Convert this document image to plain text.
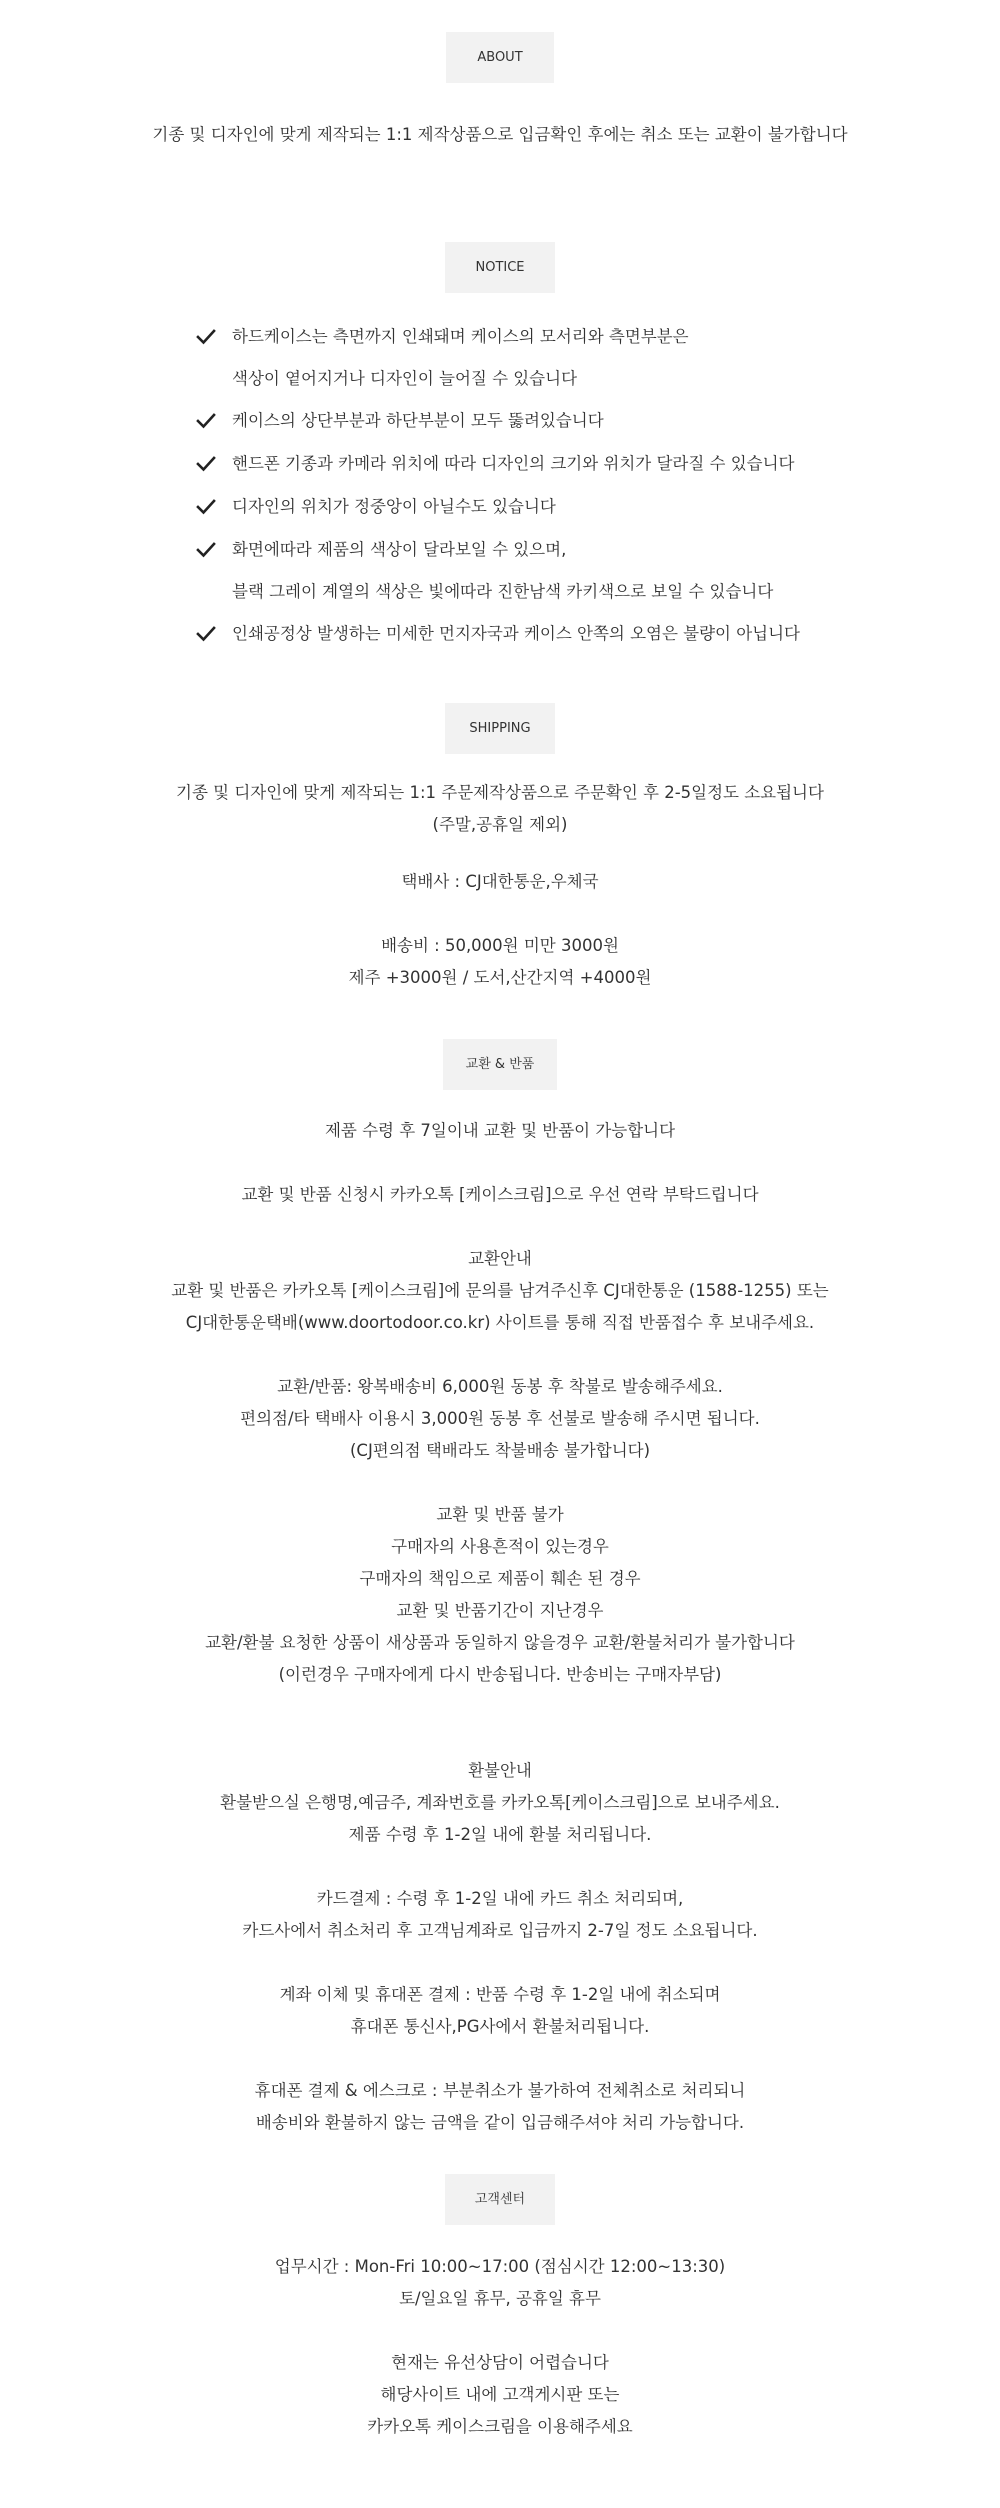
ABOUT
기종 및 디자인에 맞게 제작되는 1:1 제작상품으로 입금확인 후에는 취소 또는 교환이 불가합니다
NOTICE
하드케이스는 측면까지 인쇄돼며 케이스의 모서리와 측면부분은
색상이 옅어지거나 디자인이 늘어질 수 있습니다
케이스의 상단부분과 하단부분이 모두 뚫려있습니다
핸드폰 기종과 카메라 위치에 따라 디자인의 크기와 위치가 달라질 수 있습니다
디자인의 위치가 정중앙이 아닐수도 있습니다
화면에따라 제품의 색상이 달라보일 수 있으며,
블랙 그레이 계열의 색상은 빛에따라 진한남색 카키색으로 보일 수 있습니다
인쇄공정상 발생하는 미세한 먼지자국과 케이스 안쪽의 오염은 불량이 아닙니다
SHIPPING
기종 및 디자인에 맞게 제작되는 1:1 주문제작상품으로 주문확인 후 2-5일정도 소요됩니다
(주말,공휴일 제외)
택배사 : CJ대한통운,우체국
배송비 : 50,000원 미만 3000원
제주 +3000원 / 도서,산간지역 +4000원
교환 & 반품
제품 수령 후 7일이내 교환 및 반품이 가능합니다
교환 및 반품 신청시 카카오톡 [케이스크림]으로 우선 연락 부탁드립니다
교환안내
교환 및 반품은 카카오톡 [케이스크림]에 문의를 남겨주신후 CJ대한통운 (1588-1255) 또는
CJ대한통운택배(www.doortodoor.co.kr) 사이트를 통해 직접 반품접수 후 보내주세요.
교환/반품: 왕복배송비 6,000원 동봉 후 착불로 발송해주세요.
편의점/타 택배사 이용시 3,000원 동봉 후 선불로 발송해 주시면 됩니다.
(CJ편의점 택배라도 착불배송 불가합니다)
교환 및 반품 불가
구매자의 사용흔적이 있는경우
구매자의 책임으로 제품이 훼손 된 경우
교환 및 반품기간이 지난경우
교환/환불 요청한 상품이 새상품과 동일하지 않을경우 교환/환불처리가 불가합니다
(이런경우 구매자에게 다시 반송됩니다. 반송비는 구매자부담)
환불안내
환불받으실 은행명,예금주, 계좌번호를 카카오톡[케이스크림]으로 보내주세요.
제품 수령 후 1-2일 내에 환불 처리됩니다.
카드결제 : 수령 후 1-2일 내에 카드 취소 처리되며,
카드사에서 취소처리 후 고객님계좌로 입금까지 2-7일 정도 소요됩니다.
계좌 이체 및 휴대폰 결제 : 반품 수령 후 1-2일 내에 취소되며
휴대폰 통신사,PG사에서 환불처리됩니다.
휴대폰 결제 & 에스크로 : 부분취소가 불가하여 전체취소로 처리되니
배송비와 환불하지 않는 금액을 같이 입금해주셔야 처리 가능합니다.
고객센터
업무시간 : Mon-Fri 10:00~17:00 (점심시간 12:00~13:30)
토/일요일 휴무, 공휴일 휴무
현재는 유선상담이 어렵습니다
해당사이트 내에 고객게시판 또는
카카오톡 케이스크림을 이용해주세요
